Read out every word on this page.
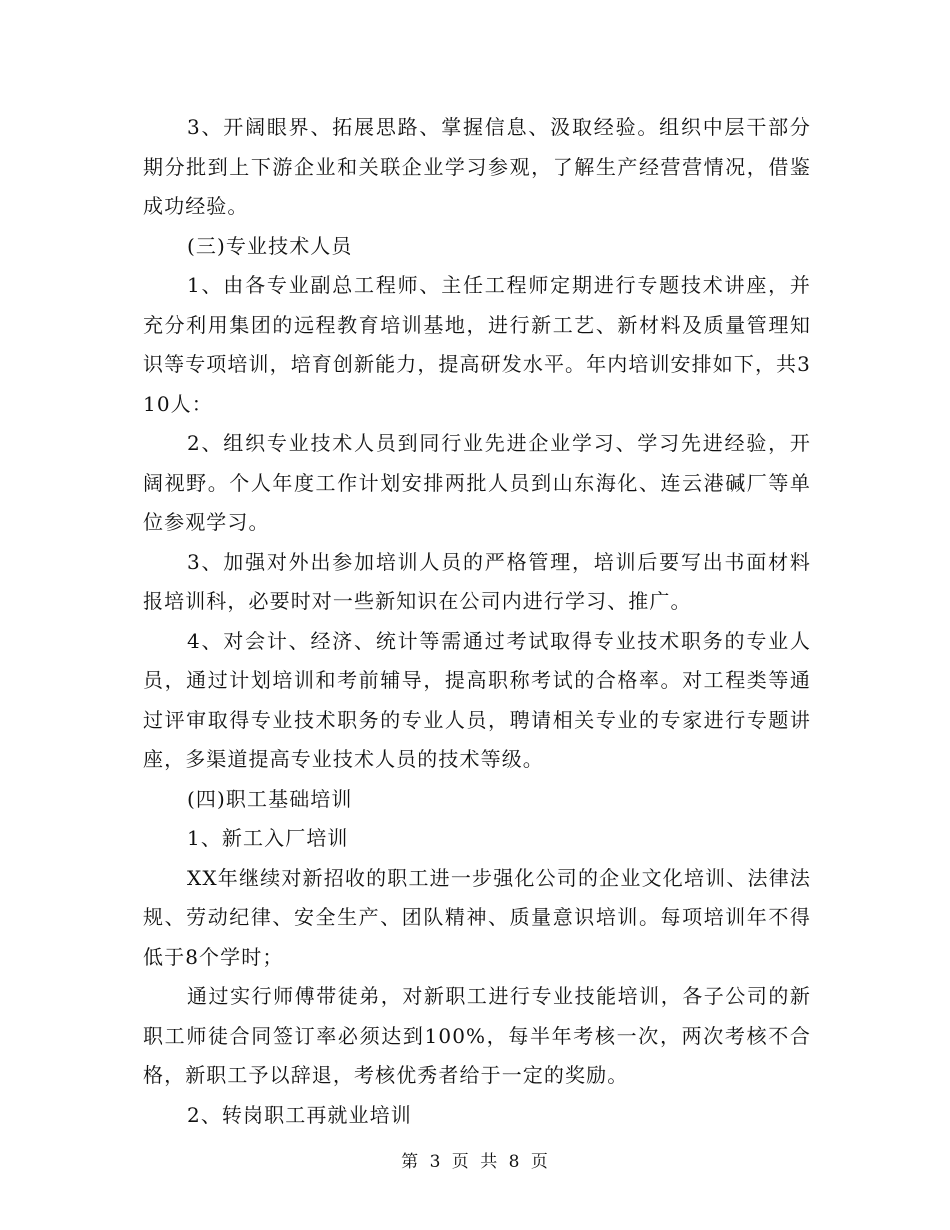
3、开阔眼界、拓展思路、掌握信息、汲取经验。组织中层干部分期分批到上下游企业和关联企业学习参观，了解生产经营营情况，借鉴成功经验。

(三)专业技术人员

1、由各专业副总工程师、主任工程师定期进行专题技术讲座，并充分利用集团的远程教育培训基地，进行新工艺、新材料及质量管理知识等专项培训，培育创新能力，提高研发水平。年内培训安排如下，共310人：

2、组织专业技术人员到同行业先进企业学习、学习先进经验，开阔视野。个人年度工作计划安排两批人员到山东海化、连云港碱厂等单位参观学习。

3、加强对外出参加培训人员的严格管理，培训后要写出书面材料报培训科，必要时对一些新知识在公司内进行学习、推广。

4、对会计、经济、统计等需通过考试取得专业技术职务的专业人员，通过计划培训和考前辅导，提高职称考试的合格率。对工程类等通过评审取得专业技术职务的专业人员，聘请相关专业的专家进行专题讲座，多渠道提高专业技术人员的技术等级。

(四)职工基础培训

1、新工入厂培训

XX年继续对新招收的职工进一步强化公司的企业文化培训、法律法规、劳动纪律、安全生产、团队精神、质量意识培训。每项培训年不得低于8个学时；

通过实行师傅带徒弟，对新职工进行专业技能培训，各子公司的新职工师徒合同签订率必须达到100%，每半年考核一次，两次考核不合格，新职工予以辞退，考核优秀者给于一定的奖励。

2、转岗职工再就业培训

第 3 页 共 8 页
